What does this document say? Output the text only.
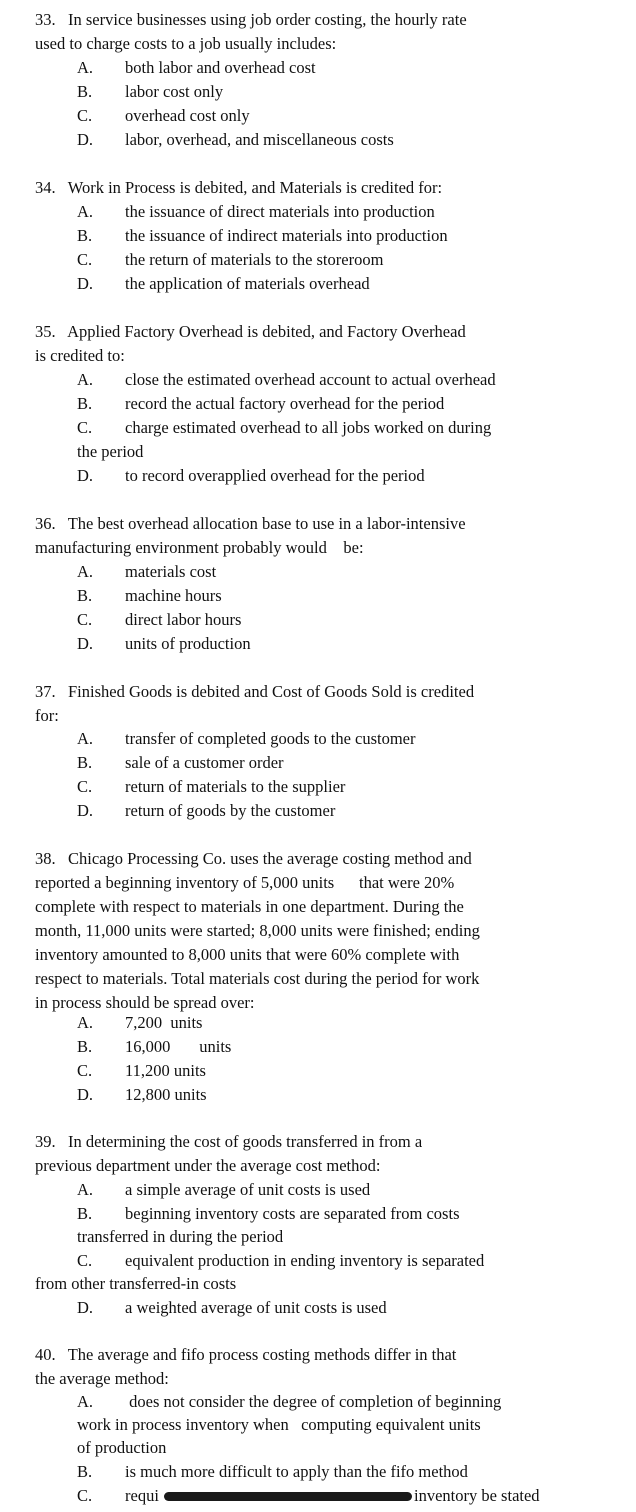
33.   In service businesses using job order costing, the hourly rate
used to charge costs to a job usually includes:
A. both labor and overhead cost
B. labor cost only
C. overhead cost only
D. labor, overhead, and miscellaneous costs
34.   Work in Process is debited, and Materials is credited for:
A. the issuance of direct materials into production
B. the issuance of indirect materials into production
C. the return of materials to the storeroom
D. the application of materials overhead
35.   Applied Factory Overhead is debited, and Factory Overhead
is credited to:
A. close the estimated overhead account to actual overhead
B. record the actual factory overhead for the period
C. charge estimated overhead to all jobs worked on during
the period
D. to record overapplied overhead for the period
36.   The best overhead allocation base to use in a labor-intensive
manufacturing environment probably would    be:
A. materials cost
B. machine hours
C. direct labor hours
D. units of production
37.   Finished Goods is debited and Cost of Goods Sold is credited
for:
A. transfer of completed goods to the customer
B. sale of a customer order
C. return of materials to the supplier
D. return of goods by the customer
38.   Chicago Processing Co. uses the average costing method and
reported a beginning inventory of 5,000 units      that were 20%
complete with respect to materials in one department. During the
month, 11,000 units were started; 8,000 units were finished; ending
inventory amounted to 8,000 units that were 60% complete with
respect to materials. Total materials cost during the period for work
in process should be spread over:
A. 7,200  units
B. 16,000       units
C. 11,200 units
D. 12,800 units
39.   In determining the cost of goods transferred in from a
previous department under the average cost method:
A. a simple average of unit costs is used
B. beginning inventory costs are separated from costs
transferred in during the period
C. equivalent production in ending inventory is separated
from other transferred-in costs
D. a weighted average of unit costs is used
40.   The average and fifo process costing methods differ in that
the average method:
A. does not consider the degree of completion of beginning
work in process inventory when   computing equivalent units
of production
B. is much more difficult to apply than the fifo method
C. requi	inventory be stated
